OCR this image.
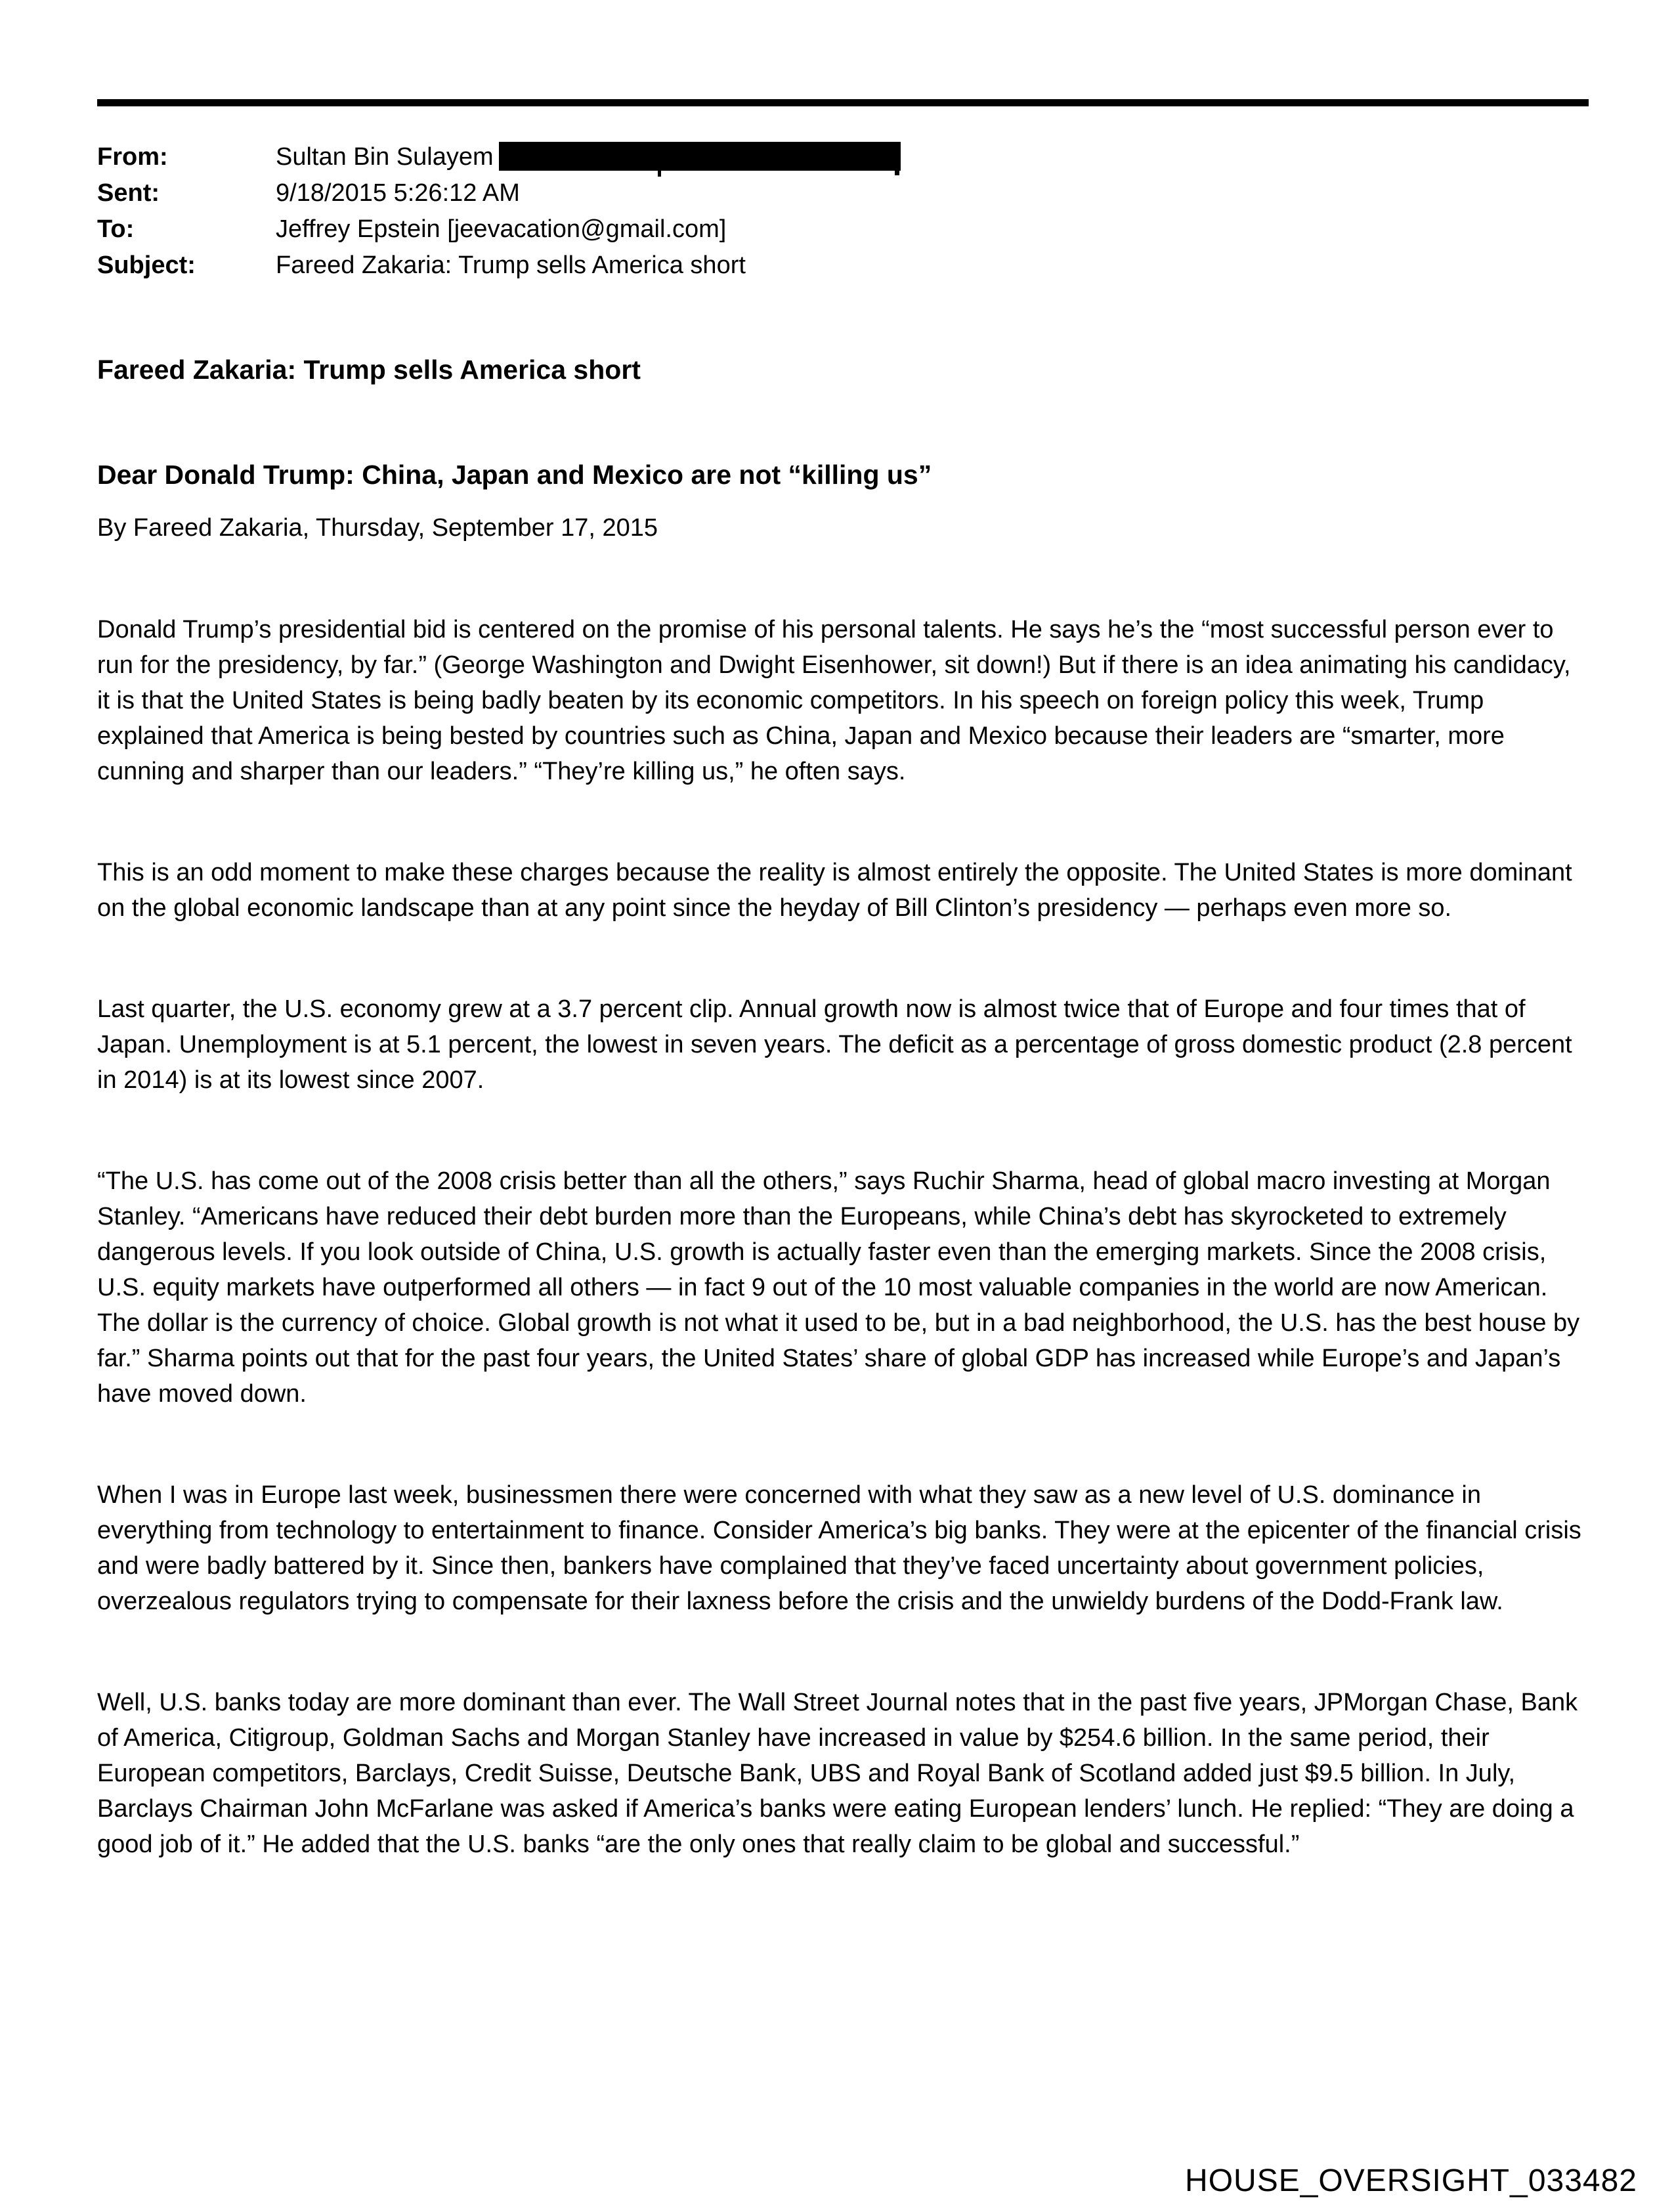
From:	Sultan Bin Sulayem
Sent:	9/18/2015 5:26:12 AM
To:	Jeffrey Epstein [jeevacation@gmail.com]
Subject:	Fareed Zakaria: Trump sells America short
Fareed Zakaria: Trump sells America short
Dear Donald Trump: China, Japan and Mexico are not “killing us”

By Fareed Zakaria, Thursday, September 17, 2015

Donald Trump’s presidential bid is centered on the promise of his personal talents. He says he’s the “most successful person ever to run for the presidency, by far.” (George Washington and Dwight Eisenhower, sit down!) But if there is an idea animating his candidacy, it is that the United States is being badly beaten by its economic competitors. In his speech on foreign policy this week, Trump explained that America is being bested by countries such as China, Japan and Mexico because their leaders are “smarter, more cunning and sharper than our leaders.” “They’re killing us,” he often says.

This is an odd moment to make these charges because the reality is almost entirely the opposite. The United States is more dominant on the global economic landscape than at any point since the heyday of Bill Clinton’s presidency — perhaps even more so.

Last quarter, the U.S. economy grew at a 3.7 percent clip. Annual growth now is almost twice that of Europe and four times that of Japan. Unemployment is at 5.1 percent, the lowest in seven years. The deficit as a percentage of gross domestic product (2.8 percent in 2014) is at its lowest since 2007.

“The U.S. has come out of the 2008 crisis better than all the others,” says Ruchir Sharma, head of global macro investing at Morgan Stanley. “Americans have reduced their debt burden more than the Europeans, while China’s debt has skyrocketed to extremely dangerous levels. If you look outside of China, U.S. growth is actually faster even than the emerging markets. Since the 2008 crisis, U.S. equity markets have outperformed all others — in fact 9 out of the 10 most valuable companies in the world are now American. The dollar is the currency of choice. Global growth is not what it used to be, but in a bad neighborhood, the U.S. has the best house by far.” Sharma points out that for the past four years, the United States’ share of global GDP has increased while Europe’s and Japan’s have moved down.

When I was in Europe last week, businessmen there were concerned with what they saw as a new level of U.S. dominance in everything from technology to entertainment to finance. Consider America’s big banks. They were at the epicenter of the financial crisis and were badly battered by it. Since then, bankers have complained that they’ve faced uncertainty about government policies, overzealous regulators trying to compensate for their laxness before the crisis and the unwieldy burdens of the Dodd-Frank law.

Well, U.S. banks today are more dominant than ever. The Wall Street Journal notes that in the past five years, JPMorgan Chase, Bank of America, Citigroup, Goldman Sachs and Morgan Stanley have increased in value by $254.6 billion. In the same period, their European competitors, Barclays, Credit Suisse, Deutsche Bank, UBS and Royal Bank of Scotland added just $9.5 billion. In July, Barclays Chairman John McFarlane was asked if America’s banks were eating European lenders’ lunch. He replied: “They are doing a good job of it.” He added that the U.S. banks “are the only ones that really claim to be global and successful.”

HOUSE_OVERSIGHT_033482
